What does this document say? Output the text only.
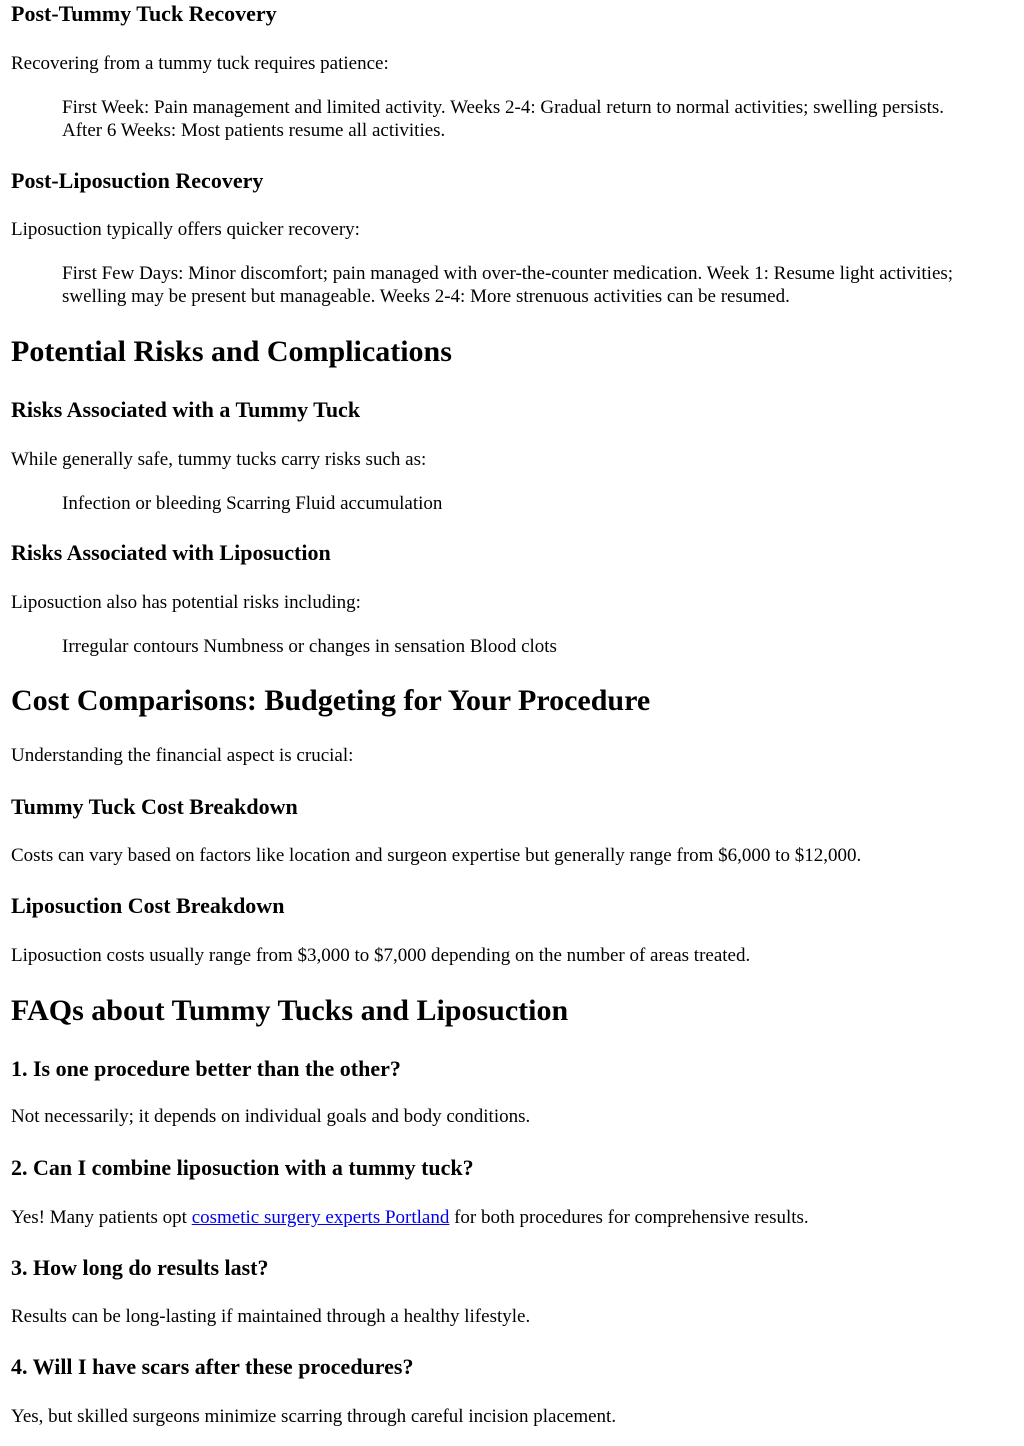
Post-Tummy Tuck Recovery

Recovering from a tummy tuck requires patience:

First Week: Pain management and limited activity. Weeks 2-4: Gradual return to normal activities; swelling persists. After 6 Weeks: Most patients resume all activities.

Post-Liposuction Recovery

Liposuction typically offers quicker recovery:

First Few Days: Minor discomfort; pain managed with over-the-counter medication. Week 1: Resume light activities; swelling may be present but manageable. Weeks 2-4: More strenuous activities can be resumed.

Potential Risks and Complications
Risks Associated with a Tummy Tuck

While generally safe, tummy tucks carry risks such as:

Infection or bleeding Scarring Fluid accumulation

Risks Associated with Liposuction

Liposuction also has potential risks including:

Irregular contours Numbness or changes in sensation Blood clots

Cost Comparisons: Budgeting for Your Procedure

Understanding the financial aspect is crucial:

Tummy Tuck Cost Breakdown

Costs can vary based on factors like location and surgeon expertise but generally range from $6,000 to $12,000.

Liposuction Cost Breakdown

Liposuction costs usually range from $3,000 to $7,000 depending on the number of areas treated.

FAQs about Tummy Tucks and Liposuction
1. Is one procedure better than the other?

Not necessarily; it depends on individual goals and body conditions.

2. Can I combine liposuction with a tummy tuck?

Yes! Many patients opt cosmetic surgery experts Portland for both procedures for comprehensive results.

3. How long do results last?

Results can be long-lasting if maintained through a healthy lifestyle.

4. Will I have scars after these procedures?

Yes, but skilled surgeons minimize scarring through careful incision placement.
